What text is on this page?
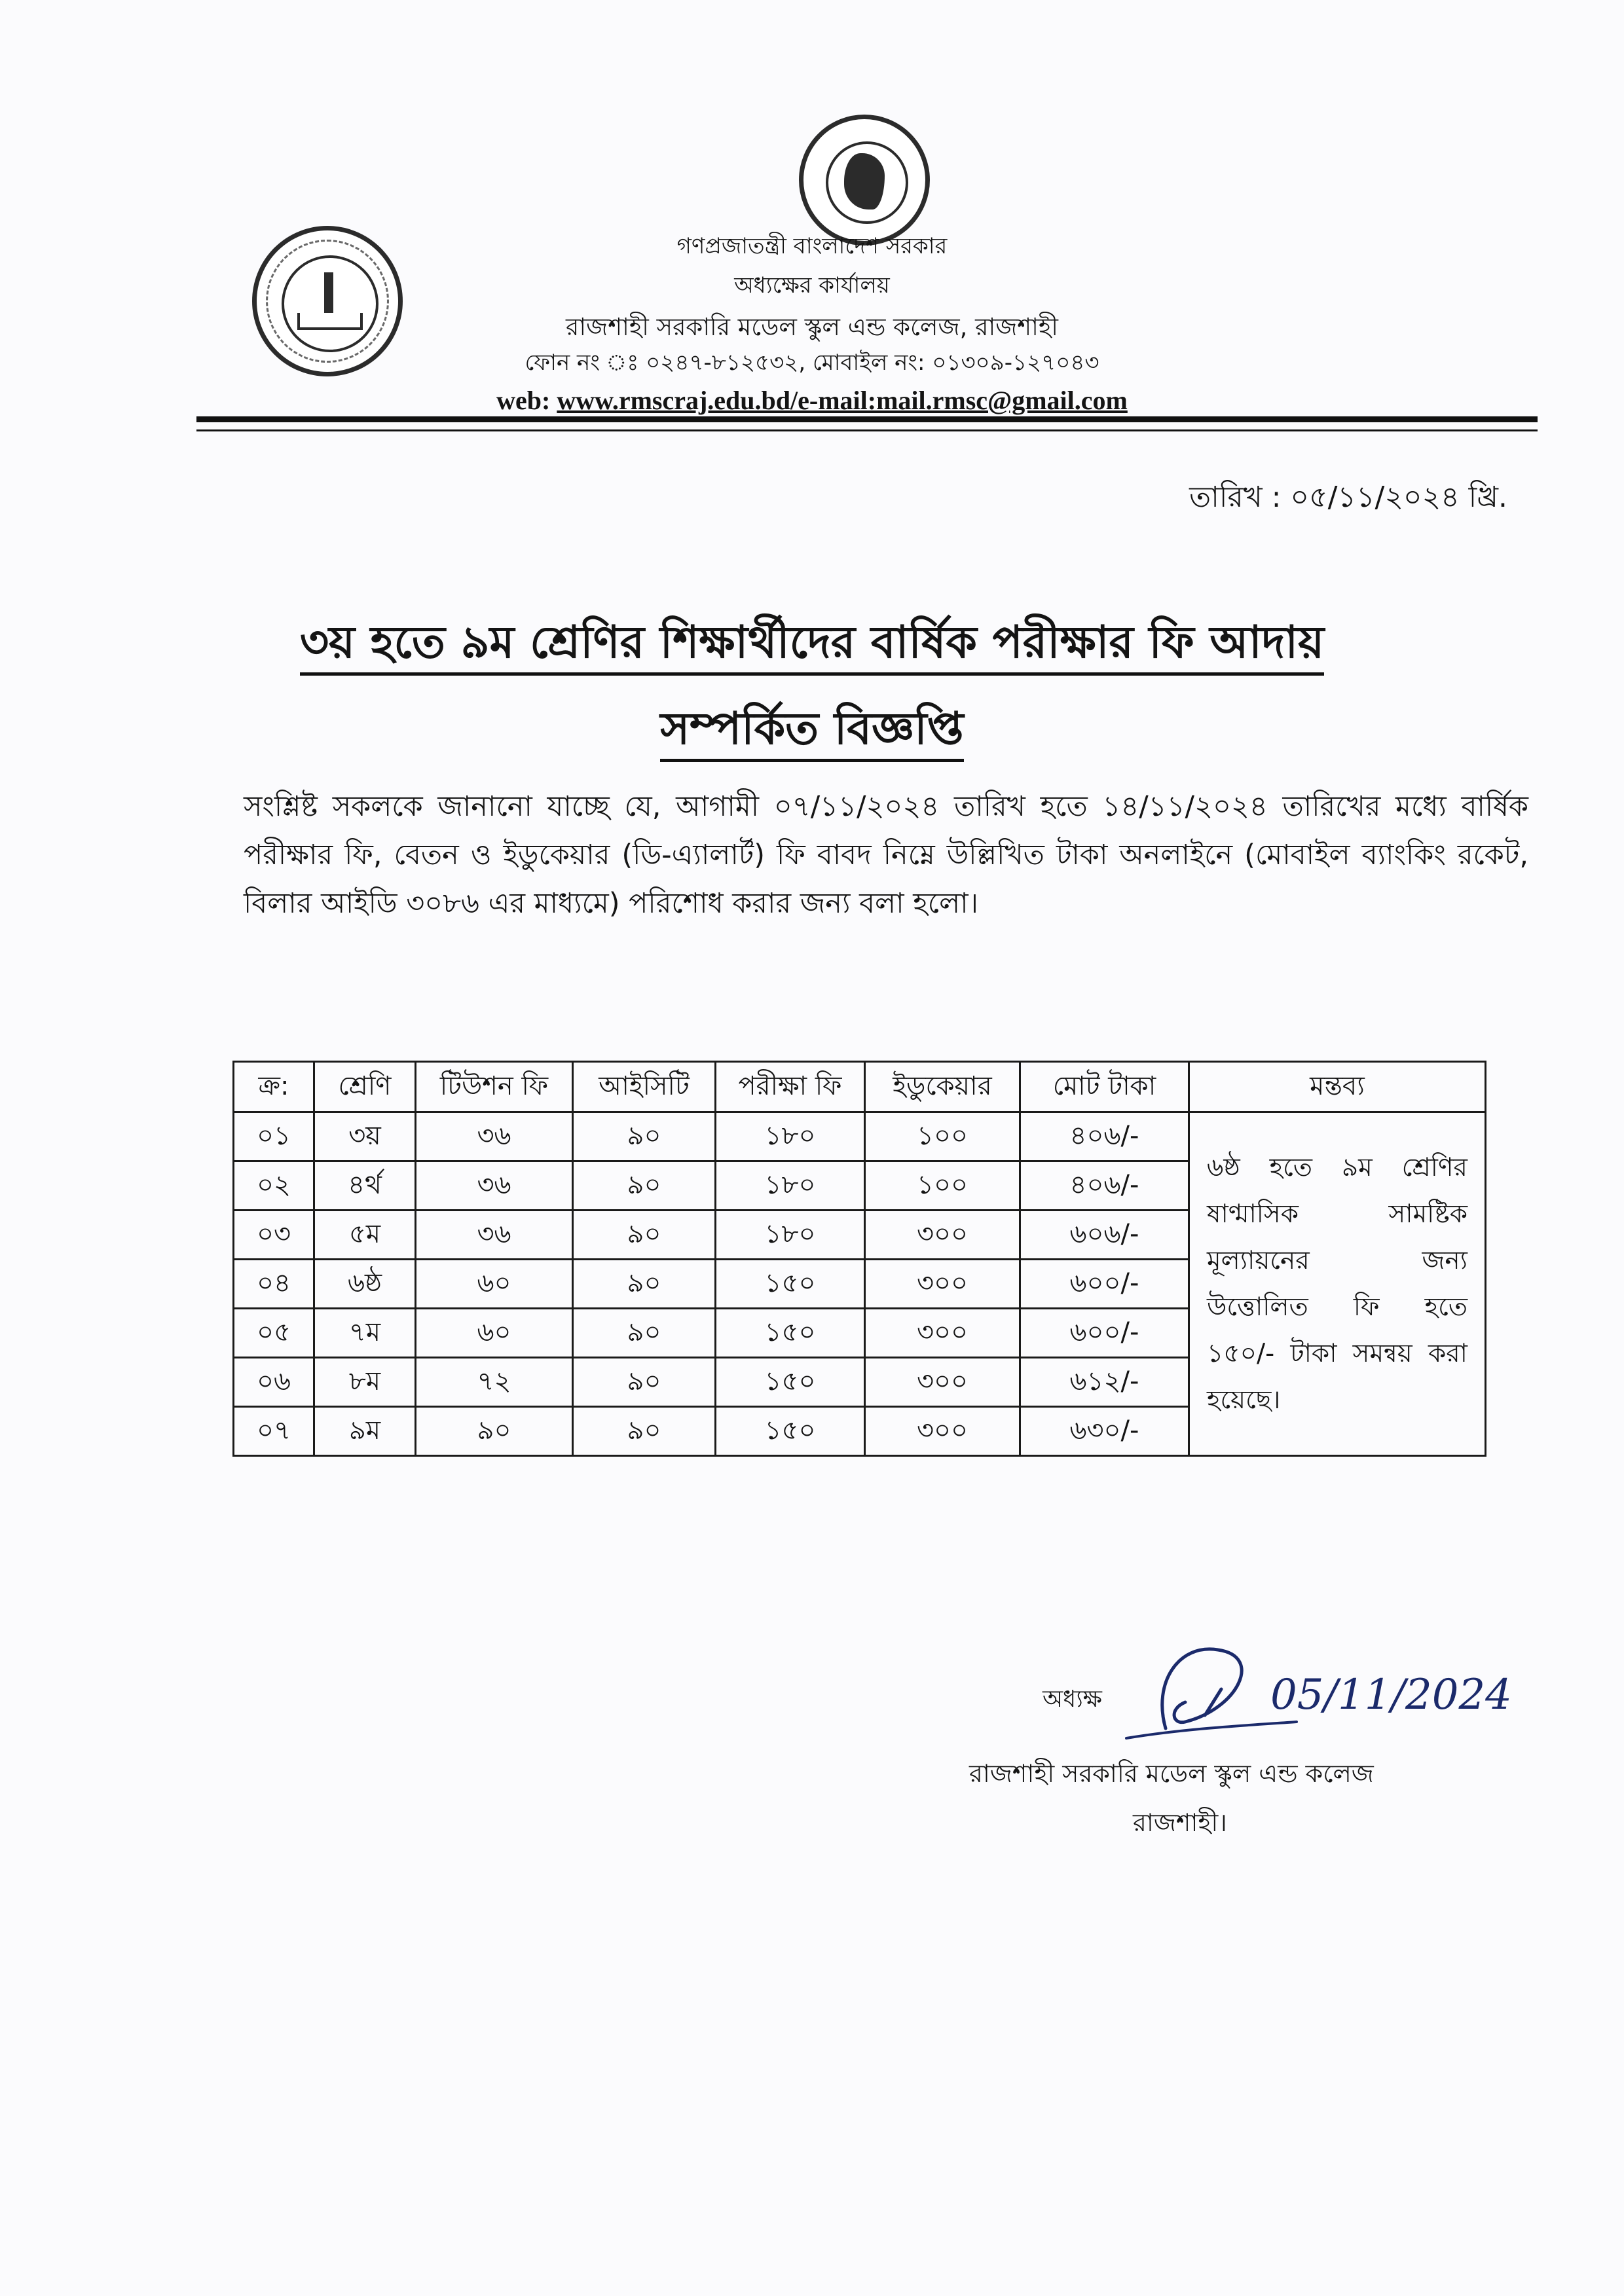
গণপ্রজাতন্ত্রী বাংলাদেশ সরকার
অধ্যক্ষের কার্যালয়
রাজশাহী সরকারি মডেল স্কুল এন্ড কলেজ, রাজশাহী
ফোন নং ঃ ০২৪৭-৮১২৫৩২, মোবাইল নং: ০১৩০৯-১২৭০৪৩
web: www.rmscraj.edu.bd/e-mail:mail.rmsc@gmail.com
তারিখ : ০৫/১১/২০২৪ খ্রি.
৩য় হতে ৯ম শ্রেণির শিক্ষার্থীদের বার্ষিক পরীক্ষার ফি আদায়
সম্পর্কিত বিজ্ঞপ্তি
সংশ্লিষ্ট সকলকে জানানো যাচ্ছে যে, আগামী ০৭/১১/২০২৪ তারিখ হতে ১৪/১১/২০২৪ তারিখের মধ্যে বার্ষিক পরীক্ষার ফি, বেতন ও ইডুকেয়ার (ডি-এ্যালার্ট) ফি বাবদ নিম্নে উল্লিখিত টাকা অনলাইনে (মোবাইল ব্যাংকিং রকেট, বিলার আইডি ৩০৮৬ এর মাধ্যমে) পরিশোধ করার জন্য বলা হলো।
ক্র:	শ্রেণি	টিউশন ফি	আইসিটি	পরীক্ষা ফি	ইডুকেয়ার	মোট টাকা	মন্তব্য
০১	৩য়	৩৬	৯০	১৮০	১০০	৪০৬/-	৬ষ্ঠ হতে ৯ম শ্রেণির ষাণ্মাসিক সামষ্টিক মূল্যায়নের জন্য উত্তোলিত ফি হতে ১৫০/- টাকা সমন্বয় করা হয়েছে।
০২	৪র্থ	৩৬	৯০	১৮০	১০০	৪০৬/-	
০৩	৫ম	৩৬	৯০	১৮০	৩০০	৬০৬/-	
০৪	৬ষ্ঠ	৬০	৯০	১৫০	৩০০	৬০০/-	
০৫	৭ম	৬০	৯০	১৫০	৩০০	৬০০/-	
০৬	৮ম	৭২	৯০	১৫০	৩০০	৬১২/-	
০৭	৯ম	৯০	৯০	১৫০	৩০০	৬৩০/-	
05/11/2024
অধ্যক্ষ
রাজশাহী সরকারি মডেল স্কুল এন্ড কলেজ
রাজশাহী।
